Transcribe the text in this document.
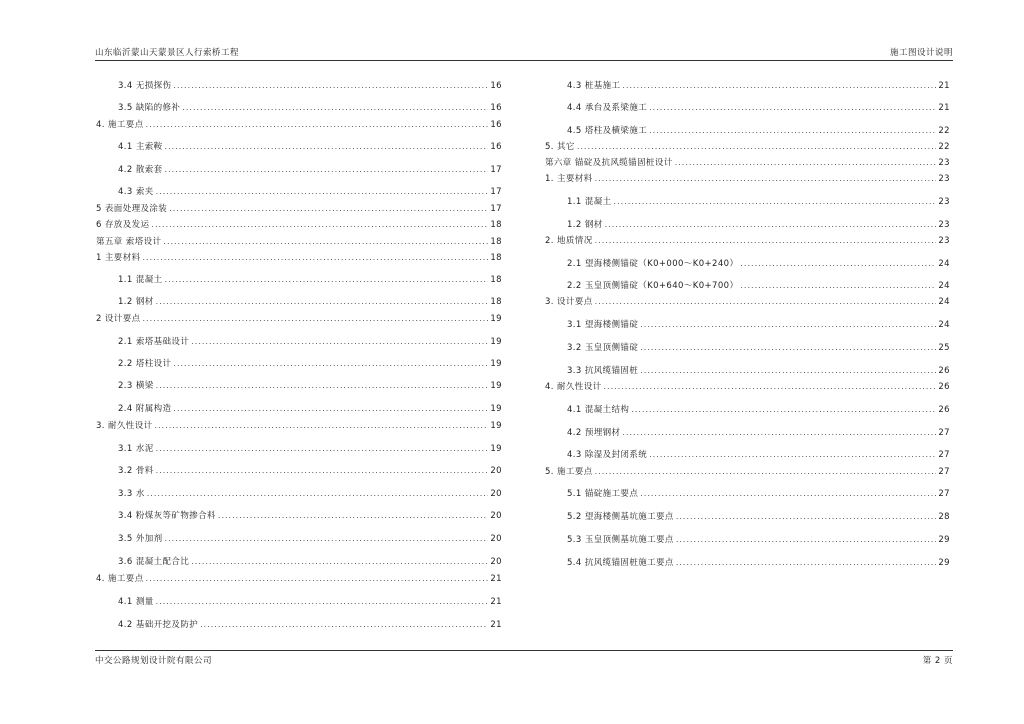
山东临沂蒙山天蒙景区人行索桥工程	施工图设计说明
3.4 无损探伤 .....	16
3.5 缺陷的修补 .....	16
4. 施工要点 .....	16
4.1 主索鞍 .....	16
4.2 散索套 .....	17
4.3 索夹 .....	17
5 表面处理及涂装 .....	17
6 存放及发运 .....	18
第五章 索塔设计 .....	18
1 主要材料 .....	18
1.1 混凝土 .....	18
1.2 钢材 .....	18
2 设计要点 .....	19
2.1 索塔基础设计 .....	19
2.2 塔柱设计 .....	19
2.3 横梁 .....	19
2.4 附属构造 .....	19
3. 耐久性设计 .....	19
3.1 水泥 .....	19
3.2 骨料 .....	20
3.3 水 .....	20
3.4 粉煤灰等矿物掺合料 .....	20
3.5 外加剂 .....	20
3.6 混凝土配合比 .....	20
4. 施工要点 .....	21
4.1 测量 .....	21
4.2 基础开挖及防护 .....	21
4.3 桩基施工 .....	21
4.4 承台及系梁施工 .....	21
4.5 塔柱及横梁施工 .....	22
5. 其它 .....	22
第六章 锚碇及抗风缆锚固桩设计 .....	23
1. 主要材料 .....	23
1.1 混凝土 .....	23
1.2 钢材 .....	23
2. 地质情况 .....	23
2.1 望海楼侧锚碇（K0+000～K0+240） .....	24
2.2 玉皇顶侧锚碇（K0+640～K0+700） .....	24
3. 设计要点 .....	24
3.1 望海楼侧锚碇 .....	24
3.2 玉皇顶侧锚碇 .....	25
3.3 抗风缆锚固桩 .....	26
4. 耐久性设计 .....	26
4.1 混凝土结构 .....	26
4.2 预埋钢材 .....	27
4.3 除湿及封闭系统 .....	27
5. 施工要点 .....	27
5.1 锚碇施工要点 .....	27
5.2 望海楼侧基坑施工要点 .....	28
5.3 玉皇顶侧基坑施工要点 .....	29
5.4 抗风缆锚固桩施工要点 .....	29
中交公路规划设计院有限公司	第 2 页
